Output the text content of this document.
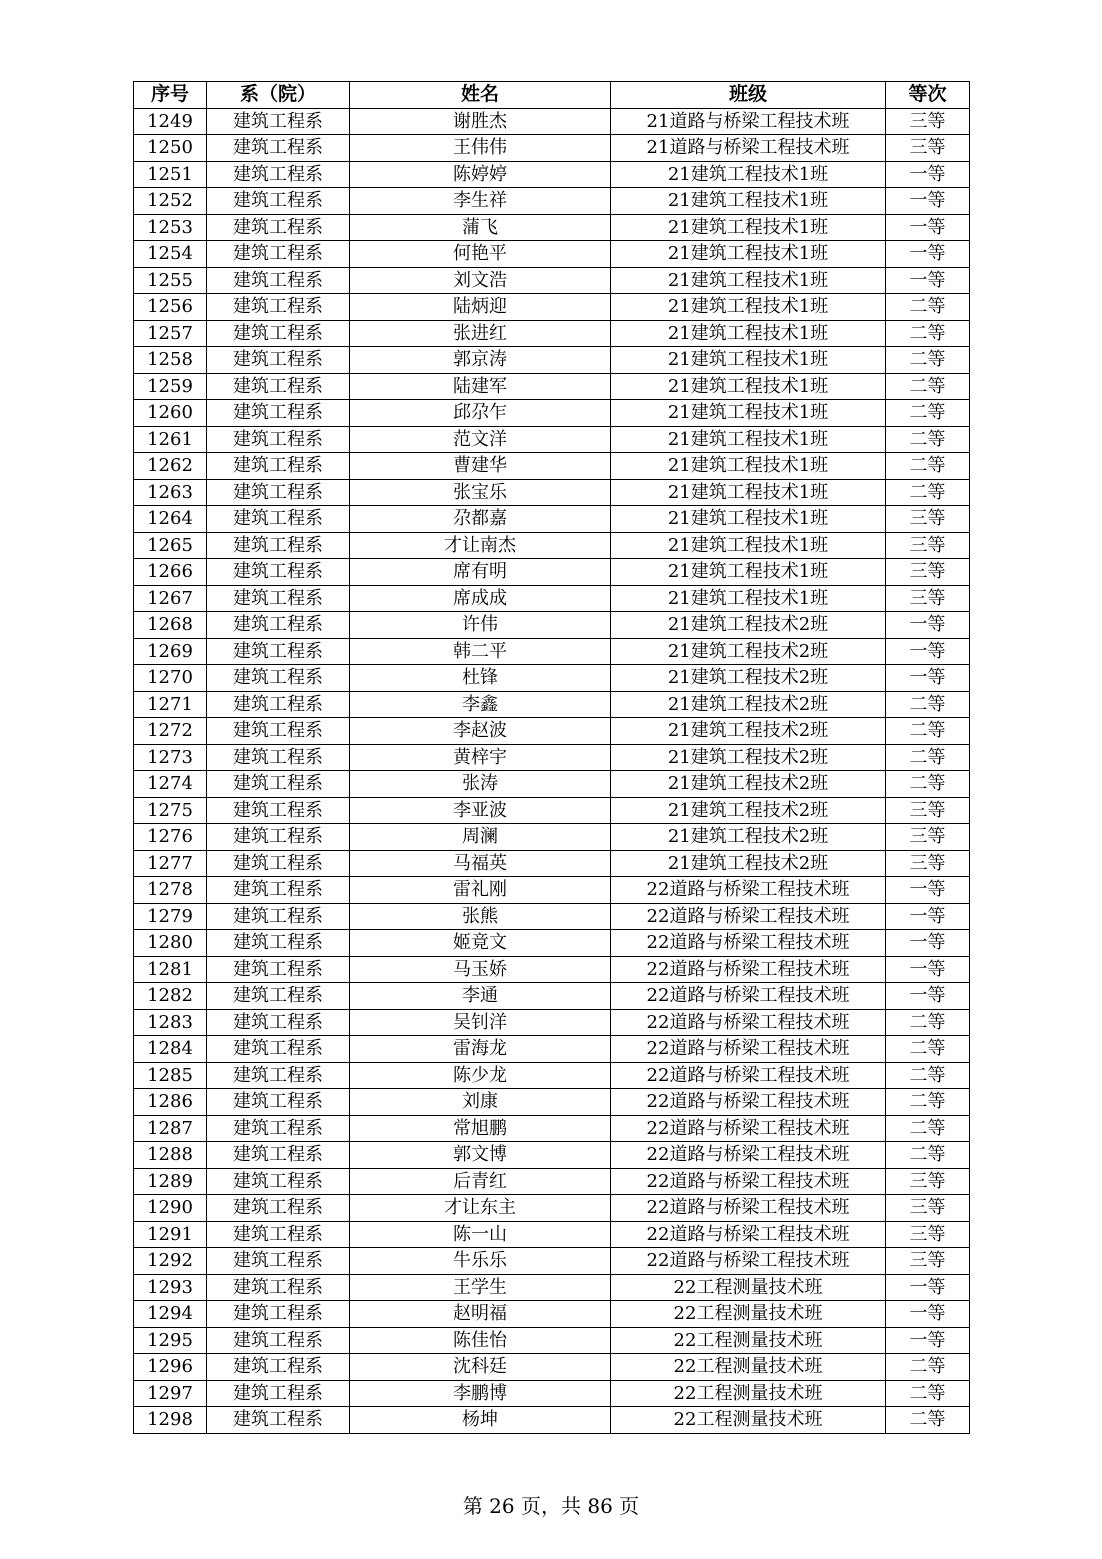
序号	系（院）	姓名	班级	等次
1249	建筑工程系	谢胜杰	21道路与桥梁工程技术班	三等
1250	建筑工程系	王伟伟	21道路与桥梁工程技术班	三等
1251	建筑工程系	陈婷婷	21建筑工程技术1班	一等
1252	建筑工程系	李生祥	21建筑工程技术1班	一等
1253	建筑工程系	蒲飞	21建筑工程技术1班	一等
1254	建筑工程系	何艳平	21建筑工程技术1班	一等
1255	建筑工程系	刘文浩	21建筑工程技术1班	一等
1256	建筑工程系	陆炳迎	21建筑工程技术1班	二等
1257	建筑工程系	张进红	21建筑工程技术1班	二等
1258	建筑工程系	郭京涛	21建筑工程技术1班	二等
1259	建筑工程系	陆建军	21建筑工程技术1班	二等
1260	建筑工程系	邱尕乍	21建筑工程技术1班	二等
1261	建筑工程系	范文洋	21建筑工程技术1班	二等
1262	建筑工程系	曹建华	21建筑工程技术1班	二等
1263	建筑工程系	张宝乐	21建筑工程技术1班	二等
1264	建筑工程系	尕都嘉	21建筑工程技术1班	三等
1265	建筑工程系	才让南杰	21建筑工程技术1班	三等
1266	建筑工程系	席有明	21建筑工程技术1班	三等
1267	建筑工程系	席成成	21建筑工程技术1班	三等
1268	建筑工程系	许伟	21建筑工程技术2班	一等
1269	建筑工程系	韩二平	21建筑工程技术2班	一等
1270	建筑工程系	杜锋	21建筑工程技术2班	一等
1271	建筑工程系	李鑫	21建筑工程技术2班	二等
1272	建筑工程系	李赵波	21建筑工程技术2班	二等
1273	建筑工程系	黄梓宇	21建筑工程技术2班	二等
1274	建筑工程系	张涛	21建筑工程技术2班	二等
1275	建筑工程系	李亚波	21建筑工程技术2班	三等
1276	建筑工程系	周澜	21建筑工程技术2班	三等
1277	建筑工程系	马福英	21建筑工程技术2班	三等
1278	建筑工程系	雷礼刚	22道路与桥梁工程技术班	一等
1279	建筑工程系	张熊	22道路与桥梁工程技术班	一等
1280	建筑工程系	姬竟文	22道路与桥梁工程技术班	一等
1281	建筑工程系	马玉娇	22道路与桥梁工程技术班	一等
1282	建筑工程系	李通	22道路与桥梁工程技术班	一等
1283	建筑工程系	吴钊洋	22道路与桥梁工程技术班	二等
1284	建筑工程系	雷海龙	22道路与桥梁工程技术班	二等
1285	建筑工程系	陈少龙	22道路与桥梁工程技术班	二等
1286	建筑工程系	刘康	22道路与桥梁工程技术班	二等
1287	建筑工程系	常旭鹏	22道路与桥梁工程技术班	二等
1288	建筑工程系	郭文博	22道路与桥梁工程技术班	二等
1289	建筑工程系	后青红	22道路与桥梁工程技术班	三等
1290	建筑工程系	才让东主	22道路与桥梁工程技术班	三等
1291	建筑工程系	陈一山	22道路与桥梁工程技术班	三等
1292	建筑工程系	牛乐乐	22道路与桥梁工程技术班	三等
1293	建筑工程系	王学生	22工程测量技术班	一等
1294	建筑工程系	赵明福	22工程测量技术班	一等
1295	建筑工程系	陈佳怡	22工程测量技术班	一等
1296	建筑工程系	沈科廷	22工程测量技术班	二等
1297	建筑工程系	李鹏博	22工程测量技术班	二等
1298	建筑工程系	杨坤	22工程测量技术班	二等
第 26 页，共 86 页
